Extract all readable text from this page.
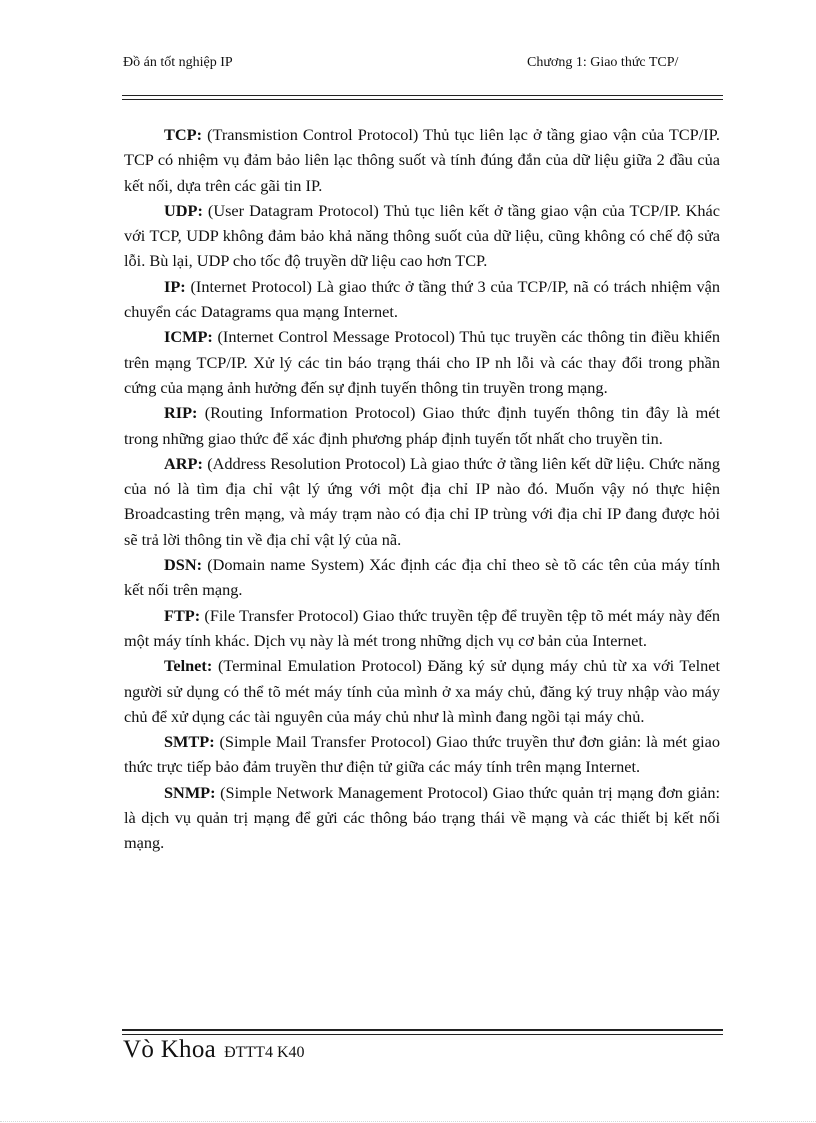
Đồ án tốt nghiệp IP	Chương 1: Giao thức TCP/

TCP: (Transmistion Control Protocol) Thủ tục liên lạc ở tầng giao vận của TCP/IP. TCP có nhiệm vụ đảm bảo liên lạc thông suốt và tính đúng đắn của dữ liệu giữa 2 đầu của kết nối, dựa trên các gãi tin IP.

UDP: (User Datagram Protocol) Thủ tục liên kết ở tầng giao vận của TCP/IP. Khác với TCP, UDP không đảm bảo khả năng thông suốt của dữ liệu, cũng không có chế độ sửa lỗi. Bù lại, UDP cho tốc độ truyền dữ liệu cao hơn TCP.

IP: (Internet Protocol) Là giao thức ở tầng thứ 3 của TCP/IP, nã có trách nhiệm vận chuyển các Datagrams qua mạng Internet.

ICMP: (Internet Control Message Protocol) Thủ tục truyền các thông tin điều khiển trên mạng TCP/IP. Xử lý các tin báo trạng thái cho IP nh lỗi và các thay đổi trong phần cứng của mạng ảnh hưởng đến sự định tuyến thông tin truyền trong mạng.

RIP: (Routing Information Protocol) Giao thức định tuyến thông tin đây là mét trong những giao thức để xác định phương pháp định tuyến tốt nhất cho truyền tin.

ARP: (Address Resolution Protocol) Là giao thức ở tầng liên kết dữ liệu. Chức năng của nó là tìm địa chỉ vật lý ứng với một địa chỉ IP nào đó. Muốn vậy nó thực hiện Broadcasting trên mạng, và máy trạm nào có địa chỉ IP trùng với địa chỉ IP đang được hỏi sẽ trả lời thông tin về địa chỉ vật lý của nã.

DSN: (Domain name System) Xác định các địa chỉ theo sè tõ các tên của máy tính kết nối trên mạng.

FTP: (File Transfer Protocol) Giao thức truyền tệp để truyền tệp tõ mét máy này đến một máy tính khác. Dịch vụ này là mét trong những dịch vụ cơ bản của Internet.

Telnet: (Terminal Emulation Protocol) Đăng ký sử dụng máy chủ từ xa với Telnet người sử dụng có thể tõ mét máy tính của mình ở xa máy chủ, đăng ký truy nhập vào máy chủ để xử dụng các tài nguyên của máy chủ như là mình đang ngồi tại máy chủ.

SMTP: (Simple Mail Transfer Protocol) Giao thức truyền thư đơn giản: là mét giao thức trực tiếp bảo đảm truyền thư điện tử giữa các máy tính trên mạng Internet.

SNMP: (Simple Network Management Protocol) Giao thức quản trị mạng đơn giản: là dịch vụ quản trị mạng để gửi các thông báo trạng thái về mạng và các thiết bị kết nối mạng.

Vò Khoa ĐTTT4 K40
